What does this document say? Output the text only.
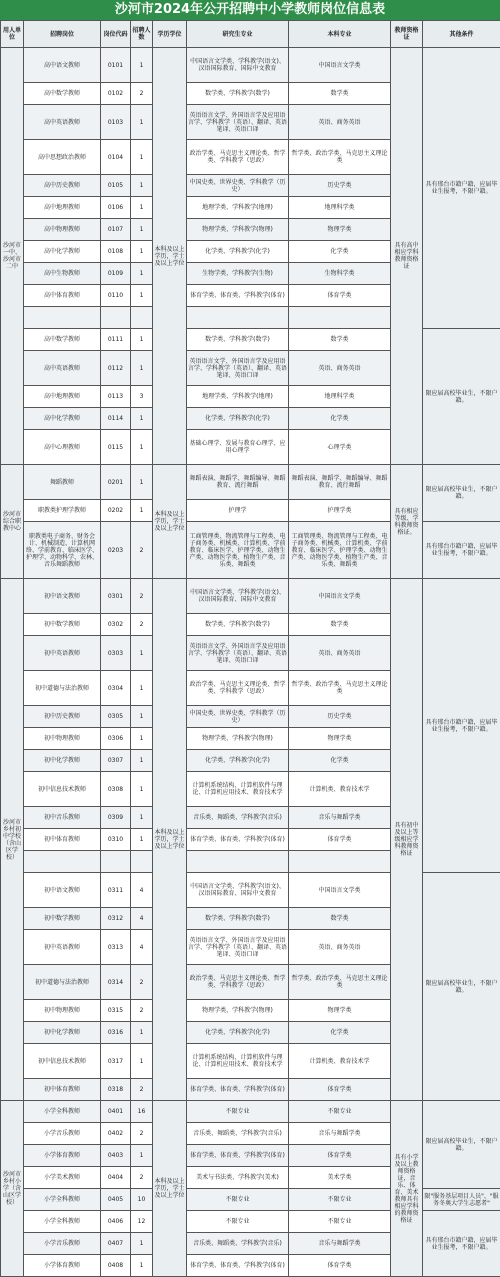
沙河市2024年公开招聘中小学教师岗位信息表
用人单位	招聘岗位	岗位代码	招聘人数	学历学位	研究生专业	本科专业	教师资格证	其他条件
沙河市一中、沙河市二中	高中语文教师	0101	1	本科及以上学历，学士及以上学位	中国语言文学类、学科教学(语文)、汉语国际教育、国际中文教育	中国语言文学类	具有高中相应学科教师资格证	具有邢台市籍户籍，应届毕业生报考，不限户籍。
	高中数学教师	0102	2		数学类、学科教学(数学)	数学类		
	高中英语教师	0103	1		英语语言文学、外国语言学及应用语言学、学科教学（英语）、翻译、英语笔译、英语口译	英语、商务英语		
	高中思想政治教师	0104	1		政治学类、马克思主义理论类、哲学类、学科教学（思政）	哲学类、政治学类、马克思主义理论类		
	高中历史教师	0105	1		中国史类、世界史类、学科教学（历史）	历史学类		
	高中地理教师	0106	1		地理学类、学科教学(地理)	地理科学类		
	高中物理教师	0107	1		物理学类、学科教学(物理)	物理学类		
	高中化学教师	0108	1		化学类、学科教学(化学)	化学类		
	高中生物教师	0109	1		生物学类、学科教学(生物)	生物科学类		
	高中体育教师	0110	1		体育学类、体育类、学科教学(体育)	体育学类		

	高中数学教师	0111	1		数学类、学科教学(数学)	数学类		限应届高校毕业生，不限户籍。
	高中英语教师	0112	1		英语语言文学、外国语言学及应用语言学、学科教学（英语）、翻译、英语笔译、英语口译	英语、商务英语		
	高中地理教师	0113	3		地理学类、学科教学(地理)	地理科学类		
	高中化学教师	0114	1		化学类、学科教学(化学)	化学类		
	高中心理教师	0115	1		基础心理学、发展与教育心理学、应用心理学	心理学类		
沙河市综合职教中心	舞蹈教师	0201	1	本科及以上学历，学士及以上学位	舞蹈表演、舞蹈学、舞蹈编导、舞蹈教育、流行舞蹈	舞蹈表演、舞蹈学、舞蹈编导、舞蹈教育、流行舞蹈	具有相应等级、学科教师资格证。	限应届高校毕业生，不限户籍。
	职教类护理学教师	0202	1		护理学	护理学类		
	职教类电子商务、财务会计、机械制造、计算机网络、学前教育、临床医学、护理学、动物科学、农林、音乐舞蹈教师	0203	2		工商管理类、物流管理与工程类、电子商务类、机械类、计算机类、学前教育、临床医学、护理学类、动物生产类、动物医学类、植物生产类、音乐类、舞蹈类	工商管理类、物流管理与工程类、电子商务类、机械类、计算机类、学前教育、临床医学、护理学类、动物生产类、动物医学类、植物生产类、音乐类、舞蹈类		具有邢台市籍户籍，应届毕业生报考，不限户籍。
沙河市乡村初中学校（含山区学校）	初中语文教师	0301	2	本科及以上学历，学士及以上学位	中国语言文学类、学科教学(语文)、汉语国际教育、国际中文教育	中国语言文学类	具有初中及以上等级相应学科教师资格证	具有邢台市籍户籍，应届毕业生报考，不限户籍。
	初中数学教师	0302	2		数学类、学科教学(数学)	数学类		
	初中英语教师	0303	1		英语语言文学、外国语言学及应用语言学、学科教学（英语）、翻译、英语笔译、英语口译	英语、商务英语		
	初中道德与法治教师	0304	1		政治学类、马克思主义理论类、哲学类、学科教学（思政）	哲学类、政治学类、马克思主义理论类		
	初中历史教师	0305	1		中国史类、世界史类、学科教学（历史）	历史学类		
	初中物理教师	0306	1		物理学类、学科教学(物理)	物理学类		
	初中化学教师	0307	1		化学类、学科教学(化学)	化学类		
	初中信息技术教师	0308	1		计算机系统结构、计算机软件与理论、计算机应用技术、教育技术学	计算机类、教育技术学		
	初中音乐教师	0309	1		音乐类、舞蹈类、学科教学(音乐)	音乐与舞蹈学类		
	初中体育教师	0310	1		体育学类、体育类、学科教学(体育)	体育学类		

	初中语文教师	0311	4		中国语言文学类、学科教学(语文)、汉语国际教育、国际中文教育	中国语言文学类		限应届高校毕业生，不限户籍。
	初中数学教师	0312	4		数学类、学科教学(数学)	数学类		
	初中英语教师	0313	4		英语语言文学、外国语言学及应用语言学、学科教学（英语）、翻译、英语笔译、英语口译	英语、商务英语		
	初中道德与法治教师	0314	2		政治学类、马克思主义理论类、哲学类、学科教学（思政）	哲学类、政治学类、马克思主义理论类		
	初中物理教师	0315	2		物理学类、学科教学(物理)	物理学类		
	初中化学教师	0316	1		化学类、学科教学(化学)	化学类		
	初中信息技术教师	0317	1		计算机系统结构、计算机软件与理论、计算机应用技术、教育技术学	计算机类、教育技术学		
	初中体育教师	0318	2		体育学类、体育类、学科教学(体育)	体育学类		
沙河市乡村小学（含山区学校）	小学全科教师	0401	16	本科及以上学历，学士及以上学位	不限专业	不限专业	具有小学及以上教师资格证，音乐、体育、美术教师具有相应学科的教师资格证	限应届高校毕业生，不限户籍。
	小学音乐教师	0402	2		音乐类、舞蹈类、学科教学(音乐)	音乐与舞蹈学类		
	小学体育教师	0403	1		体育学类、体育类、学科教学(体育)	体育学类		
	小学美术教师	0404	2		美术与书法类、学科教学(美术)	美术学类		
	小学全科教师	0405	10		不限专业	不限专业		限"服务基层项目人员"、"服务冬奥大学生志愿者"
	小学全科教师	0406	12		不限专业	不限专业		具有邢台市籍户籍，应届毕业生报考，不限户籍。
	小学音乐教师	0407	1		音乐类、舞蹈类、学科教学(音乐)	音乐与舞蹈学类		
	小学体育教师	0408	1		体育学类、体育类、学科教学(体育)	体育学类		
